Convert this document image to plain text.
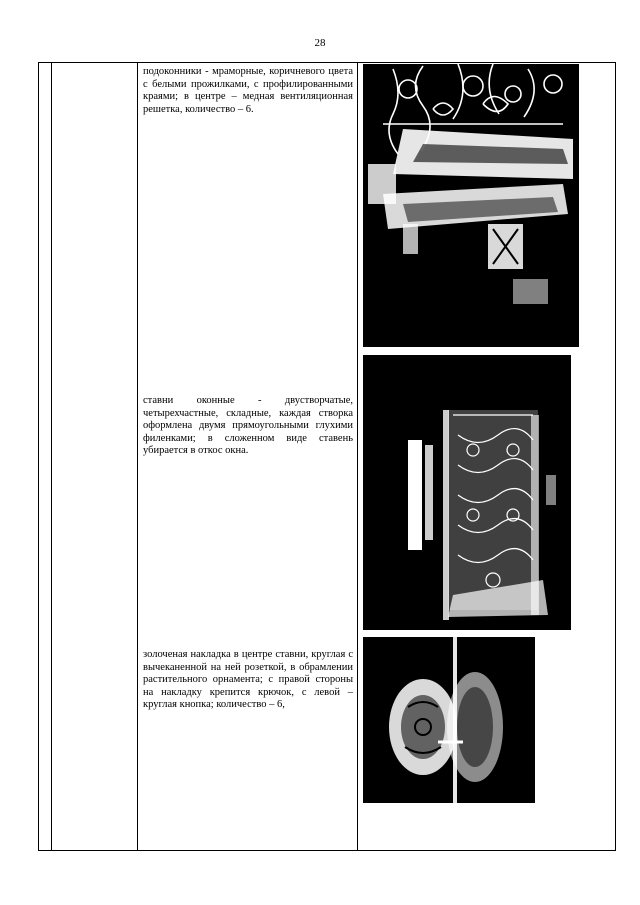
28
подоконники - мраморные, коричневого цвета с белыми прожилками, с профилированными краями; в центре – медная вентиляционная решетка, количество – 6.
ставни оконные - двустворчатые, четырехчастные, складные, каждая створка оформлена двумя прямоугольными глухими филенками; в сложенном виде ставень убирается в откос окна.
золоченая накладка в центре ставни, круглая с вычеканенной на ней розеткой, в обрамлении растительного орнамента; с правой стороны на накладку крепится крючок, с левой – круглая кнопка; количество – 6,
